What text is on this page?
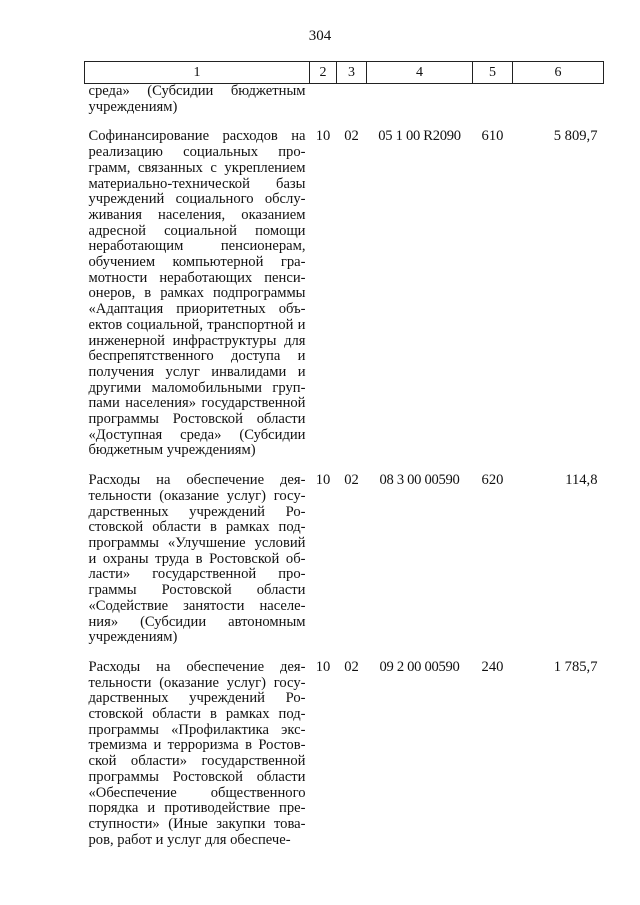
304
1	2	3	4	5	6
среда» (Субсидии бюджетным учреждениям)					

Софинансирование расходов на реализацию социальных программ, связанных с укреплением материально-технической базы учреждений социального обслуживания населения, оказанием адресной социальной помощи неработающим пенсионерам, обучением компьютерной грамотности неработающих пенсионеров, в рамках подпрограммы «Адаптация приоритетных объектов социальной, транспортной и инженерной инфраструктуры для беспрепятственного доступа и получения услуг инвалидами и другими маломобильными группами населения» государственной программы Ростовской области «Доступная среда» (Субсидии бюджетным учреждениям)	10	02	05 1 00 R2090	610	5 809,7

Расходы на обеспечение деятельности (оказание услуг) государственных учреждений Ростовской области в рамках подпрограммы «Улучшение условий и охраны труда в Ростовской области» государственной программы Ростовской области «Содействие занятости населения» (Субсидии автономным учреждениям)	10	02	08 3 00 00590	620	114,8

Расходы на обеспечение деятельности (оказание услуг) государственных учреждений Ростовской области в рамках подпрограммы «Профилактика экстремизма и терроризма в Ростовской области» государственной программы Ростовской области «Обеспечение общественного порядка и противодействие преступности» (Иные закупки товаров, работ и услуг для обеспече-	10	02	09 2 00 00590	240	1 785,7
